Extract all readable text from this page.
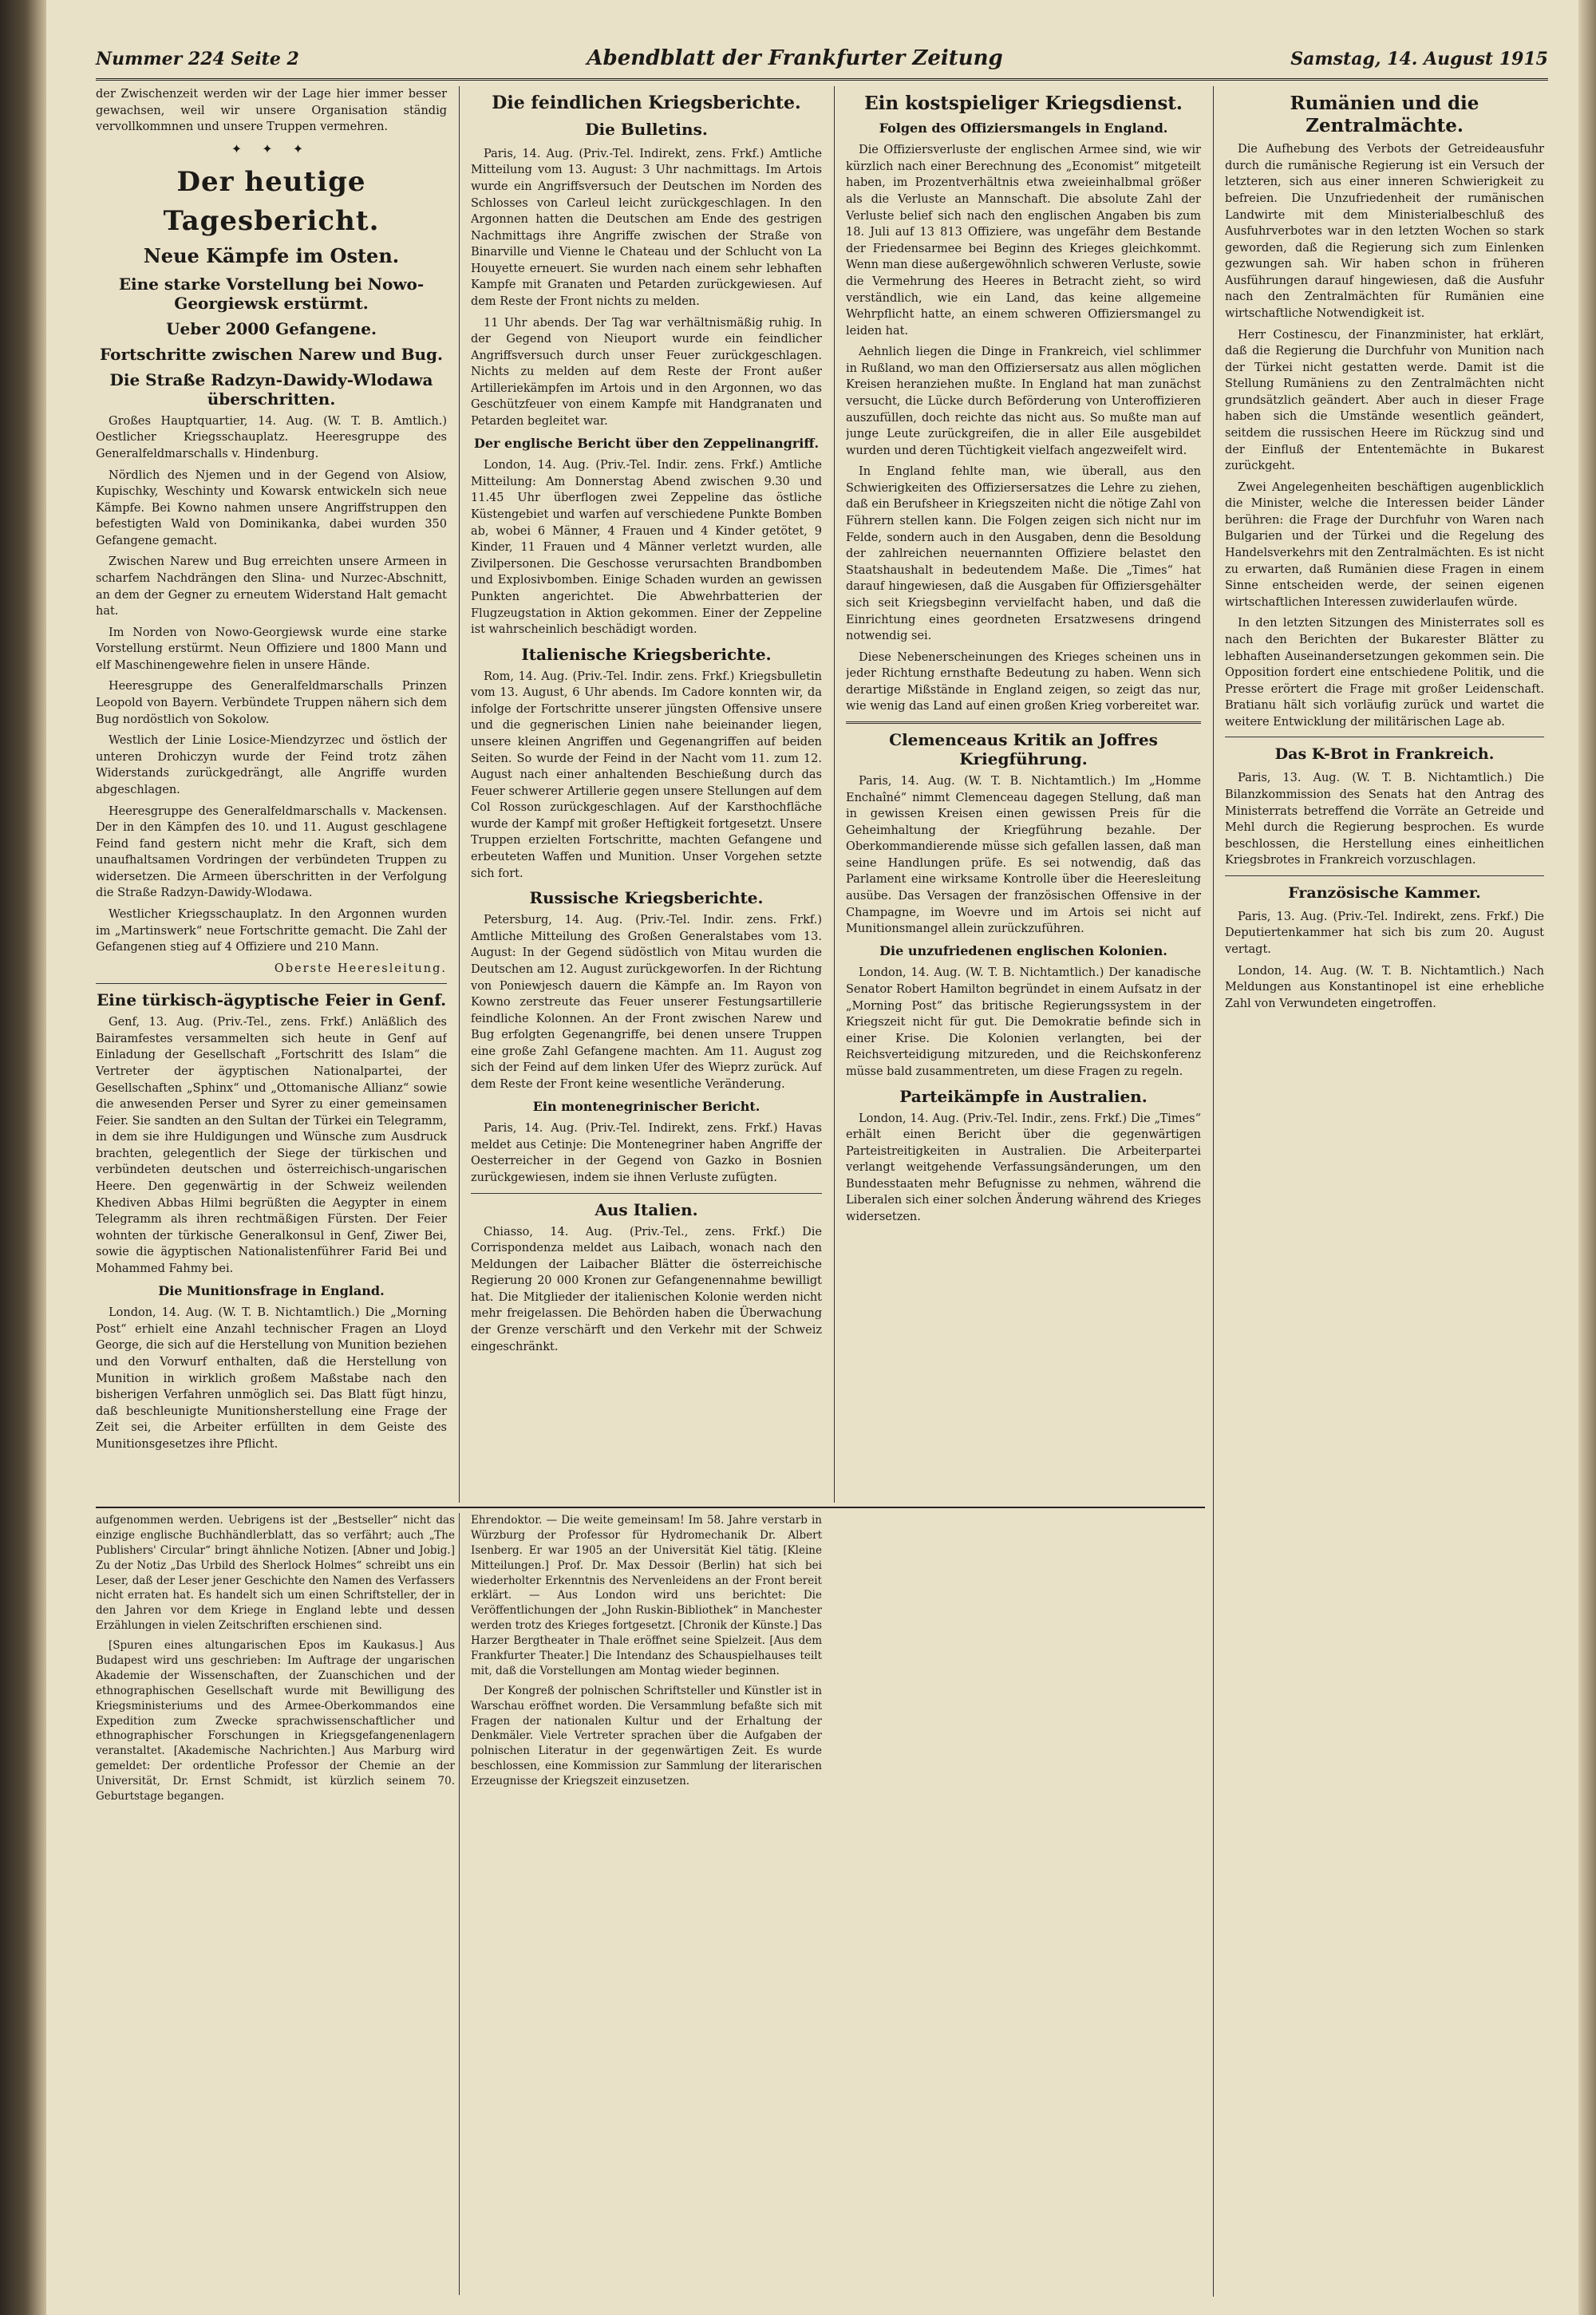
Nummer 224 Seite 2	Abendblatt der Frankfurter Zeitung	Samstag, 14. August 1915

der Zwischenzeit werden wir der Lage hier immer besser gewachsen, weil wir unsere Organisation ständig vervollkommnen und unsere Truppen vermehren.

✦ ✦ ✦
Der heutige Tagesbericht.
Neue Kämpfe im Osten.
Eine starke Vorstellung bei Nowo-Georgiewsk erstürmt.
Ueber 2000 Gefangene.
Fortschritte zwischen Narew und Bug.
Die Straße Radzyn-Dawidy-Wlodawa überschritten.

Großes Hauptquartier, 14. Aug. (W. T. B. Amtlich.) Oestlicher Kriegsschauplatz. Heeresgruppe des Generalfeldmarschalls v. Hindenburg.

Nördlich des Njemen und in der Gegend von Alsiow, Kupischky, Weschinty und Kowarsk entwickeln sich neue Kämpfe. Bei Kowno nahmen unsere Angriffstruppen den befestigten Wald von Dominikanka, dabei wurden 350 Gefangene gemacht.

Zwischen Narew und Bug erreichten unsere Armeen in scharfem Nachdrängen den Slina- und Nurzec-Abschnitt, an dem der Gegner zu erneutem Widerstand Halt gemacht hat.

Im Norden von Nowo-Georgiewsk wurde eine starke Vorstellung erstürmt. Neun Offiziere und 1800 Mann und elf Maschinengewehre fielen in unsere Hände.

Heeresgruppe des Generalfeldmarschalls Prinzen Leopold von Bayern. Verbündete Truppen nähern sich dem Bug nordöstlich von Sokolow.

Westlich der Linie Losice-Miendzyrzec und östlich der unteren Drohiczyn wurde der Feind trotz zähen Widerstands zurückgedrängt, alle Angriffe wurden abgeschlagen.

Heeresgruppe des Generalfeldmarschalls v. Mackensen. Der in den Kämpfen des 10. und 11. August geschlagene Feind fand gestern nicht mehr die Kraft, sich dem unaufhaltsamen Vordringen der verbündeten Truppen zu widersetzen. Die Armeen überschritten in der Verfolgung die Straße Radzyn-Dawidy-Wlodawa.

Westlicher Kriegsschauplatz. In den Argonnen wurden im „Martinswerk“ neue Fortschritte gemacht. Die Zahl der Gefangenen stieg auf 4 Offiziere und 210 Mann.

Oberste Heeresleitung.

Eine türkisch-ägyptische Feier in Genf.

Genf, 13. Aug. (Priv.-Tel., zens. Frkf.) Anläßlich des Bairamfestes versammelten sich heute in Genf auf Einladung der Gesellschaft „Fortschritt des Islam“ die Vertreter der ägyptischen Nationalpartei, der Gesellschaften „Sphinx“ und „Ottomanische Allianz“ sowie die anwesenden Perser und Syrer zu einer gemeinsamen Feier. Sie sandten an den Sultan der Türkei ein Telegramm, in dem sie ihre Huldigungen und Wünsche zum Ausdruck brachten, gelegentlich der Siege der türkischen und verbündeten deutschen und österreichisch-ungarischen Heere. Den gegenwärtig in der Schweiz weilenden Khediven Abbas Hilmi begrüßten die Aegypter in einem Telegramm als ihren rechtmäßigen Fürsten. Der Feier wohnten der türkische Generalkonsul in Genf, Ziwer Bei, sowie die ägyptischen Nationalistenführer Farid Bei und Mohammed Fahmy bei.

Die Munitionsfrage in England.

London, 14. Aug. (W. T. B. Nichtamtlich.) Die „Morning Post“ erhielt eine Anzahl technischer Fragen an Lloyd George, die sich auf die Herstellung von Munition beziehen und den Vorwurf enthalten, daß die Herstellung von Munition in wirklich großem Maßstabe nach den bisherigen Verfahren unmöglich sei. Das Blatt fügt hinzu, daß beschleunigte Munitionsherstellung eine Frage der Zeit sei, die Arbeiter erfüllten in dem Geiste des Munitionsgesetzes ihre Pflicht.

Die feindlichen Kriegsberichte.
Die Bulletins.

Paris, 14. Aug. (Priv.-Tel. Indirekt, zens. Frkf.) Amtliche Mitteilung vom 13. August: 3 Uhr nachmittags. Im Artois wurde ein Angriffsversuch der Deutschen im Norden des Schlosses von Carleul leicht zurückgeschlagen. In den Argonnen hatten die Deutschen am Ende des gestrigen Nachmittags ihre Angriffe zwischen der Straße von Binarville und Vienne le Chateau und der Schlucht von La Houyette erneuert. Sie wurden nach einem sehr lebhaften Kampfe mit Granaten und Petarden zurückgewiesen. Auf dem Reste der Front nichts zu melden.

11 Uhr abends. Der Tag war verhältnismäßig ruhig. In der Gegend von Nieuport wurde ein feindlicher Angriffsversuch durch unser Feuer zurückgeschlagen. Nichts zu melden auf dem Reste der Front außer Artilleriekämpfen im Artois und in den Argonnen, wo das Geschützfeuer von einem Kampfe mit Handgranaten und Petarden begleitet war.

Der englische Bericht über den Zeppelinangriff.

London, 14. Aug. (Priv.-Tel. Indir. zens. Frkf.) Amtliche Mitteilung: Am Donnerstag Abend zwischen 9.30 und 11.45 Uhr überflogen zwei Zeppeline das östliche Küstengebiet und warfen auf verschiedene Punkte Bomben ab, wobei 6 Männer, 4 Frauen und 4 Kinder getötet, 9 Kinder, 11 Frauen und 4 Männer verletzt wurden, alle Zivilpersonen. Die Geschosse verursachten Brandbomben und Explosivbomben. Einige Schaden wurden an gewissen Punkten angerichtet. Die Abwehrbatterien der Flugzeugstation in Aktion gekommen. Einer der Zeppeline ist wahrscheinlich beschädigt worden.

Italienische Kriegsberichte.

Rom, 14. Aug. (Priv.-Tel. Indir. zens. Frkf.) Kriegsbulletin vom 13. August, 6 Uhr abends. Im Cadore konnten wir, da infolge der Fortschritte unserer jüngsten Offensive unsere und die gegnerischen Linien nahe beieinander liegen, unsere kleinen Angriffen und Gegenangriffen auf beiden Seiten. So wurde der Feind in der Nacht vom 11. zum 12. August nach einer anhaltenden Beschießung durch das Feuer schwerer Artillerie gegen unsere Stellungen auf dem Col Rosson zurückgeschlagen. Auf der Karsthochfläche wurde der Kampf mit großer Heftigkeit fortgesetzt. Unsere Truppen erzielten Fortschritte, machten Gefangene und erbeuteten Waffen und Munition. Unser Vorgehen setzte sich fort.

Russische Kriegsberichte.

Petersburg, 14. Aug. (Priv.-Tel. Indir. zens. Frkf.) Amtliche Mitteilung des Großen Generalstabes vom 13. August: In der Gegend südöstlich von Mitau wurden die Deutschen am 12. August zurückgeworfen. In der Richtung von Poniewjesch dauern die Kämpfe an. Im Rayon von Kowno zerstreute das Feuer unserer Festungsartillerie feindliche Kolonnen. An der Front zwischen Narew und Bug erfolgten Gegenangriffe, bei denen unsere Truppen eine große Zahl Gefangene machten. Am 11. August zog sich der Feind auf dem linken Ufer des Wieprz zurück. Auf dem Reste der Front keine wesentliche Veränderung.

Ein montenegrinischer Bericht.

Paris, 14. Aug. (Priv.-Tel. Indirekt, zens. Frkf.) Havas meldet aus Cetinje: Die Montenegriner haben Angriffe der Oesterreicher in der Gegend von Gazko in Bosnien zurückgewiesen, indem sie ihnen Verluste zufügten.

Aus Italien.

Chiasso, 14. Aug. (Priv.-Tel., zens. Frkf.) Die Corrispondenza meldet aus Laibach, wonach nach den Meldungen der Laibacher Blätter die österreichische Regierung 20 000 Kronen zur Gefangenennahme bewilligt hat. Die Mitglieder der italienischen Kolonie werden nicht mehr freigelassen. Die Behörden haben die Überwachung der Grenze verschärft und den Verkehr mit der Schweiz eingeschränkt.

Ein kostspieliger Kriegsdienst.
Folgen des Offiziersmangels in England.

Die Offiziersverluste der englischen Armee sind, wie wir kürzlich nach einer Berechnung des „Economist“ mitgeteilt haben, im Prozentverhältnis etwa zweieinhalbmal größer als die Verluste an Mannschaft. Die absolute Zahl der Verluste belief sich nach den englischen Angaben bis zum 18. Juli auf 13 813 Offiziere, was ungefähr dem Bestande der Friedensarmee bei Beginn des Krieges gleichkommt. Wenn man diese außergewöhnlich schweren Verluste, sowie die Vermehrung des Heeres in Betracht zieht, so wird verständlich, wie ein Land, das keine allgemeine Wehrpflicht hatte, an einem schweren Offiziersmangel zu leiden hat.

Aehnlich liegen die Dinge in Frankreich, viel schlimmer in Rußland, wo man den Offiziersersatz aus allen möglichen Kreisen heranziehen mußte. In England hat man zunächst versucht, die Lücke durch Beförderung von Unteroffizieren auszufüllen, doch reichte das nicht aus. So mußte man auf junge Leute zurückgreifen, die in aller Eile ausgebildet wurden und deren Tüchtigkeit vielfach angezweifelt wird.

In England fehlte man, wie überall, aus den Schwierigkeiten des Offiziersersatzes die Lehre zu ziehen, daß ein Berufsheer in Kriegszeiten nicht die nötige Zahl von Führern stellen kann. Die Folgen zeigen sich nicht nur im Felde, sondern auch in den Ausgaben, denn die Besoldung der zahlreichen neuernannten Offiziere belastet den Staatshaushalt in bedeutendem Maße. Die „Times“ hat darauf hingewiesen, daß die Ausgaben für Offiziersgehälter sich seit Kriegsbeginn vervielfacht haben, und daß die Einrichtung eines geordneten Ersatzwesens dringend notwendig sei.

Diese Nebenerscheinungen des Krieges scheinen uns in jeder Richtung ernsthafte Bedeutung zu haben. Wenn sich derartige Mißstände in England zeigen, so zeigt das nur, wie wenig das Land auf einen großen Krieg vorbereitet war.

Clemenceaus Kritik an Joffres Kriegführung.

Paris, 14. Aug. (W. T. B. Nichtamtlich.) Im „Homme Enchaîné“ nimmt Clemenceau dagegen Stellung, daß man in gewissen Kreisen einen gewissen Preis für die Geheimhaltung der Kriegführung bezahle. Der Oberkommandierende müsse sich gefallen lassen, daß man seine Handlungen prüfe. Es sei notwendig, daß das Parlament eine wirksame Kontrolle über die Heeresleitung ausübe. Das Versagen der französischen Offensive in der Champagne, im Woevre und im Artois sei nicht auf Munitionsmangel allein zurückzuführen.

Die unzufriedenen englischen Kolonien.

London, 14. Aug. (W. T. B. Nichtamtlich.) Der kanadische Senator Robert Hamilton begründet in einem Aufsatz in der „Morning Post“ das britische Regierungssystem in der Kriegszeit nicht für gut. Die Demokratie befinde sich in einer Krise. Die Kolonien verlangten, bei der Reichsverteidigung mitzureden, und die Reichskonferenz müsse bald zusammentreten, um diese Fragen zu regeln.

Parteikämpfe in Australien.

London, 14. Aug. (Priv.-Tel. Indir., zens. Frkf.) Die „Times“ erhält einen Bericht über die gegenwärtigen Parteistreitigkeiten in Australien. Die Arbeiterpartei verlangt weitgehende Verfassungsänderungen, um den Bundesstaaten mehr Befugnisse zu nehmen, während die Liberalen sich einer solchen Änderung während des Krieges widersetzen.

Rumänien und die Zentralmächte.

Die Aufhebung des Verbots der Getreideausfuhr durch die rumänische Regierung ist ein Versuch der letzteren, sich aus einer inneren Schwierigkeit zu befreien. Die Unzufriedenheit der rumänischen Landwirte mit dem Ministerialbeschluß des Ausfuhrverbotes war in den letzten Wochen so stark geworden, daß die Regierung sich zum Einlenken gezwungen sah. Wir haben schon in früheren Ausführungen darauf hingewiesen, daß die Ausfuhr nach den Zentralmächten für Rumänien eine wirtschaftliche Notwendigkeit ist.

Herr Costinescu, der Finanzminister, hat erklärt, daß die Regierung die Durchfuhr von Munition nach der Türkei nicht gestatten werde. Damit ist die Stellung Rumäniens zu den Zentralmächten nicht grundsätzlich geändert. Aber auch in dieser Frage haben sich die Umstände wesentlich geändert, seitdem die russischen Heere im Rückzug sind und der Einfluß der Ententemächte in Bukarest zurückgeht.

Zwei Angelegenheiten beschäftigen augenblicklich die Minister, welche die Interessen beider Länder berühren: die Frage der Durchfuhr von Waren nach Bulgarien und der Türkei und die Regelung des Handelsverkehrs mit den Zentralmächten. Es ist nicht zu erwarten, daß Rumänien diese Fragen in einem Sinne entscheiden werde, der seinen eigenen wirtschaftlichen Interessen zuwiderlaufen würde.

In den letzten Sitzungen des Ministerrates soll es nach den Berichten der Bukarester Blätter zu lebhaften Auseinandersetzungen gekommen sein. Die Opposition fordert eine entschiedene Politik, und die Presse erörtert die Frage mit großer Leidenschaft. Bratianu hält sich vorläufig zurück und wartet die weitere Entwicklung der militärischen Lage ab.

Das K-Brot in Frankreich.

Paris, 13. Aug. (W. T. B. Nichtamtlich.) Die Bilanzkommission des Senats hat den Antrag des Ministerrats betreffend die Vorräte an Getreide und Mehl durch die Regierung besprochen. Es wurde beschlossen, die Herstellung eines einheitlichen Kriegsbrotes in Frankreich vorzuschlagen.

Französische Kammer.

Paris, 13. Aug. (Priv.-Tel. Indirekt, zens. Frkf.) Die Deputiertenkammer hat sich bis zum 20. August vertagt.

London, 14. Aug. (W. T. B. Nichtamtlich.) Nach Meldungen aus Konstantinopel ist eine erhebliche Zahl von Verwundeten eingetroffen.

aufgenommen werden. Uebrigens ist der „Bestseller“ nicht das einzige englische Buchhändlerblatt, das so verfährt; auch „The Publishers' Circular“ bringt ähnliche Notizen. [Abner und Jobig.] Zu der Notiz „Das Urbild des Sherlock Holmes“ schreibt uns ein Leser, daß der Leser jener Geschichte den Namen des Verfassers nicht erraten hat. Es handelt sich um einen Schriftsteller, der in den Jahren vor dem Kriege in England lebte und dessen Erzählungen in vielen Zeitschriften erschienen sind.

[Spuren eines altungarischen Epos im Kaukasus.] Aus Budapest wird uns geschrieben: Im Auftrage der ungarischen Akademie der Wissenschaften, der Zuanschichen und der ethnographischen Gesellschaft wurde mit Bewilligung des Kriegsministeriums und des Armee-Oberkommandos eine Expedition zum Zwecke sprachwissenschaftlicher und ethnographischer Forschungen in Kriegsgefangenenlagern veranstaltet. [Akademische Nachrichten.] Aus Marburg wird gemeldet: Der ordentliche Professor der Chemie an der Universität, Dr. Ernst Schmidt, ist kürzlich seinem 70. Geburtstage begangen.

Ehrendoktor. — Die weite gemeinsam! Im 58. Jahre verstarb in Würzburg der Professor für Hydromechanik Dr. Albert Isenberg. Er war 1905 an der Universität Kiel tätig. [Kleine Mitteilungen.] Prof. Dr. Max Dessoir (Berlin) hat sich bei wiederholter Erkenntnis des Nervenleidens an der Front bereit erklärt. — Aus London wird uns berichtet: Die Veröffentlichungen der „John Ruskin-Bibliothek“ in Manchester werden trotz des Krieges fortgesetzt. [Chronik der Künste.] Das Harzer Bergtheater in Thale eröffnet seine Spielzeit. [Aus dem Frankfurter Theater.] Die Intendanz des Schauspielhauses teilt mit, daß die Vorstellungen am Montag wieder beginnen.

Der Kongreß der polnischen Schriftsteller und Künstler ist in Warschau eröffnet worden. Die Versammlung befaßte sich mit Fragen der nationalen Kultur und der Erhaltung der Denkmäler. Viele Vertreter sprachen über die Aufgaben der polnischen Literatur in der gegenwärtigen Zeit. Es wurde beschlossen, eine Kommission zur Sammlung der literarischen Erzeugnisse der Kriegszeit einzusetzen.
